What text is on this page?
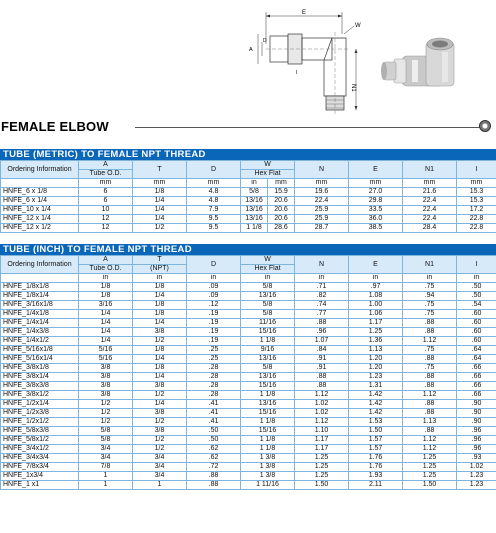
E
W
N1
A
D
I
FEMALE ELBOW
TUBE (METRIC) TO FEMALE NPT THREAD
Ordering Information	A	T	D	W		N	E	N1	I
	Tube O.D.			Hex Flat					
	mm	mm	mm	in	mm	mm	mm	mm	mm
HNFE_6 x 1/8	6	1/8	4.8	5/8	15.9	19.6	27.0	21.6	15.3
HNFE_6 x 1/4	6	1/4	4.8	13/16	20.6	22.4	29.8	22.4	15.3
HNFE_10 x 1/4	10	1/4	7.9	13/16	20.6	25.9	33.5	22.4	17.2
HNFE_12 x 1/4	12	1/4	9.5	13/16	20.6	25.9	36.0	22.4	22.8
HNFE_12 x 1/2	12	1/2	9.5	1 1/8	28.6	28.7	38.5	28.4	22.8
TUBE (INCH) TO FEMALE NPT THREAD
Ordering Information	A	T	D	W	N	E	N1	I
	Tube O.D.	(NPT)		Hex Flat				
	in	in	in	in	in	in	in	in
HNFE_1/8x1/8	1/8	1/8	.09	5/8	.71	.97	.75	.50
HNFE_1/8x1/4	1/8	1/4	.09	13/16	.82	1.08	.94	.50
HNFE_3/16x1/8	3/16	1/8	.12	5/8	.74	1.00	.75	.54
HNFE_1/4x1/8	1/4	1/8	.19	5/8	.77	1.06	.75	.60
HNFE_1/4x1/4	1/4	1/4	.19	11/16	.88	1.17	.88	.60
HNFE_1/4x3/8	1/4	3/8	.19	15/16	.96	1.25	.88	.60
HNFE_1/4x1/2	1/4	1/2	.19	1 1/8	1.07	1.36	1.12	.60
HNFE_5/16x1/8	5/16	1/8	.25	9/16	.84	1.13	.75	.64
HNFE_5/16x1/4	5/16	1/4	.25	13/16	.91	1.20	.88	.64
HNFE_3/8x1/8	3/8	1/8	.28	5/8	.91	1.20	.75	.66
HNFE_3/8x1/4	3/8	1/4	.28	13/16	.88	1.23	.88	.66
HNFE_3/8x3/8	3/8	3/8	.28	15/16	.88	1.31	.88	.66
HNFE_3/8x1/2	3/8	1/2	.28	1 1/8	1.12	1.42	1.12	.66
HNFE_1/2x1/4	1/2	1/4	.41	13/16	1.02	1.42	.88	.90
HNFE_1/2x3/8	1/2	3/8	.41	15/16	1.02	1.42	.88	.90
HNFE_1/2x1/2	1/2	1/2	.41	1 1/8	1.12	1.53	1.13	.90
HNFE_5/8x3/8	5/8	3/8	.50	15/16	1.10	1.50	.88	.96
HNFE_5/8x1/2	5/8	1/2	.50	1 1/8	1.17	1.57	1.12	.96
HNFE_3/4x1/2	3/4	1/2	.62	1 1/8	1.17	1.57	1.12	.96
HNFE_3/4x3/4	3/4	3/4	.62	1 3/8	1.25	1.76	1.25	.93
HNFE_7/8x3/4	7/8	3/4	.72	1 3/8	1.25	1.76	1.25	1.02
HNFE_1x3/4	1	3/4	.88	1 3/8	1.25	1.93	1.25	1.23
HNFE_1 x1	1	1	.88	1 11/16	1.50	2.11	1.50	1.23
